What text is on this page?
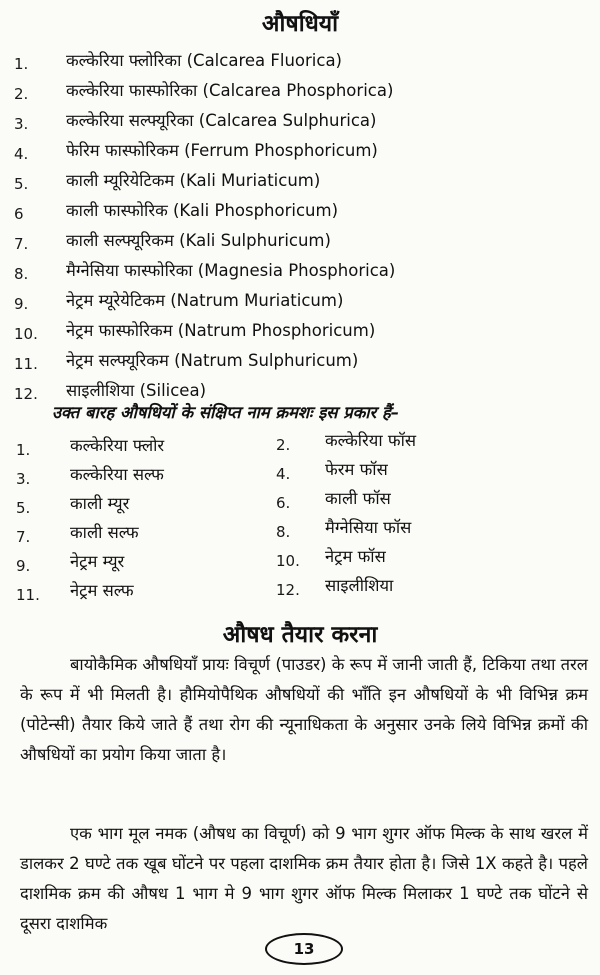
औषधियाँ
1. कल्केरिया फ्लोरिका (Calcarea Fluorica)
2. कल्केरिया फास्फोरिका (Calcarea Phosphorica)
3. कल्केरिया सल्फ्यूरिका (Calcarea Sulphurica)
4. फेरिम फास्फोरिकम (Ferrum Phosphoricum)
5. काली म्यूरियेटिकम (Kali Muriaticum)
6	काली फास्फोरिक (Kali Phosphoricum)
7. काली सल्फ्यूरिकम (Kali Sulphuricum)
8. मैग्नेसिया फास्फोरिका (Magnesia Phosphorica)
9. नेट्रम म्यूरेयेटिकम (Natrum Muriaticum)
10. नेट्रम फास्फोरिकम (Natrum Phosphoricum)
11. नेट्रम सल्फ्यूरिकम (Natrum Sulphuricum)
12. साइलीशिया (Silicea)
उक्त बारह औषधियों के संक्षिप्त नाम क्रमशः इस प्रकार हैं–
1. कल्केरिया फ्लोर	2. कल्केरिया फॉस
3. कल्केरिया सल्फ	4. फेरम फॉस
5. काली म्यूर	6. काली फॉस
7. काली सल्फ	8. मैग्नेसिया फॉस
9. नेट्रम म्यूर	10. नेट्रम फॉस
11. नेट्रम सल्फ	12. साइलीशिया
औषध तैयार करना

बायोकैमिक औषधियाँ प्रायः विचूर्ण (पाउडर) के रूप में जानी जाती हैं, टिकिया तथा तरल के रूप में भी मिलती है। हौमियोपैथिक औषधियों की भाँति इन औषधियों के भी विभिन्न क्रम (पोटेन्सी) तैयार किये जाते हैं तथा रोग की न्यूनाधिकता के अनुसार उनके लिये विभिन्न क्रमों की औषधियों का प्रयोग किया जाता है।

एक भाग मूल नमक (औषध का विचूर्ण) को 9 भाग शुगर ऑफ मिल्क के साथ खरल में डालकर 2 घण्टे तक खूब घोंटने पर पहला दाशमिक क्रम तैयार होता है। जिसे 1X कहते है। पहले दाशमिक क्रम की औषध 1 भाग मे 9 भाग शुगर ऑफ मिल्क मिलाकर 1 घण्टे तक घोंटने से दूसरा दाशमिक

13
